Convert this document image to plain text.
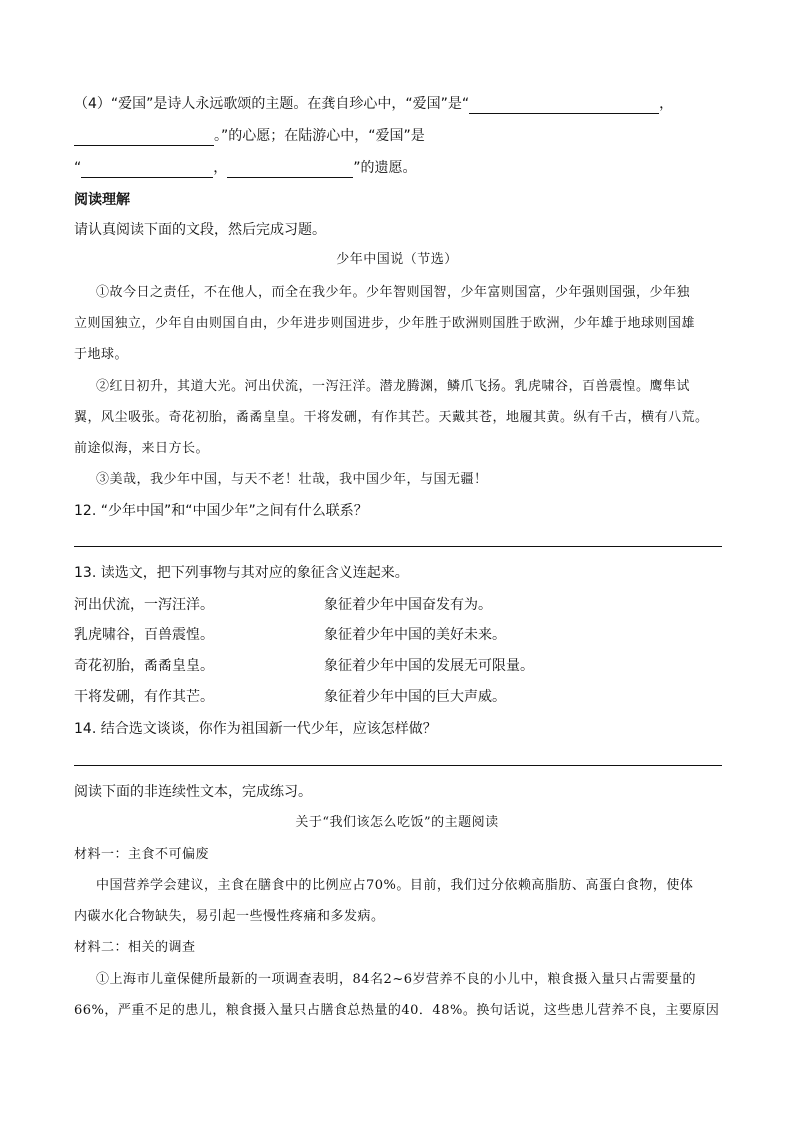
（4）“爱国”是诗人永远歌颂的主题。在龚自珍心中，“爱国”是“	，
。”的心愿；在陆游心中，“爱国”是
“	，	”的遗愿。
阅读理解
请认真阅读下面的文段，然后完成习题。
少年中国说（节选）
①故今日之责任，不在他人，而全在我少年。少年智则国智，少年富则国富，少年强则国强，少年独
立则国独立，少年自由则国自由，少年进步则国进步，少年胜于欧洲则国胜于欧洲，少年雄于地球则国雄
于地球。
②红日初升，其道大光。河出伏流，一泻汪洋。潜龙腾渊，鳞爪飞扬。乳虎啸谷，百兽震惶。鹰隼试
翼，风尘吸张。奇花初胎，矞矞皇皇。干将发硎，有作其芒。天戴其苍，地履其黄。纵有千古，横有八荒。
前途似海，来日方长。
③美哉，我少年中国，与天不老！壮哉，我中国少年，与国无疆！
12. “少年中国”和“中国少年”之间有什么联系？
13. 读选文，把下列事物与其对应的象征含义连起来。
河出伏流，一泻汪洋。	象征着少年中国奋发有为。
乳虎啸谷，百兽震惶。	象征着少年中国的美好未来。
奇花初胎，矞矞皇皇。	象征着少年中国的发展无可限量。
干将发硎，有作其芒。	象征着少年中国的巨大声威。
14. 结合选文谈谈，你作为祖国新一代少年，应该怎样做？
阅读下面的非连续性文本，完成练习。
关于“我们该怎么吃饭”的主题阅读
材料一：主食不可偏废
中国营养学会建议，主食在膳食中的比例应占70%。目前，我们过分依赖高脂肪、高蛋白食物，使体
内碳水化合物缺失，易引起一些慢性疼痛和多发病。
材料二：相关的调查
①上海市儿童保健所最新的一项调查表明，84名2~6岁营养不良的小儿中，粮食摄入量只占需要量的
66%，严重不足的患儿，粮食摄入量只占膳食总热量的40．48%。换句话说，这些患儿营养不良，主要原因
